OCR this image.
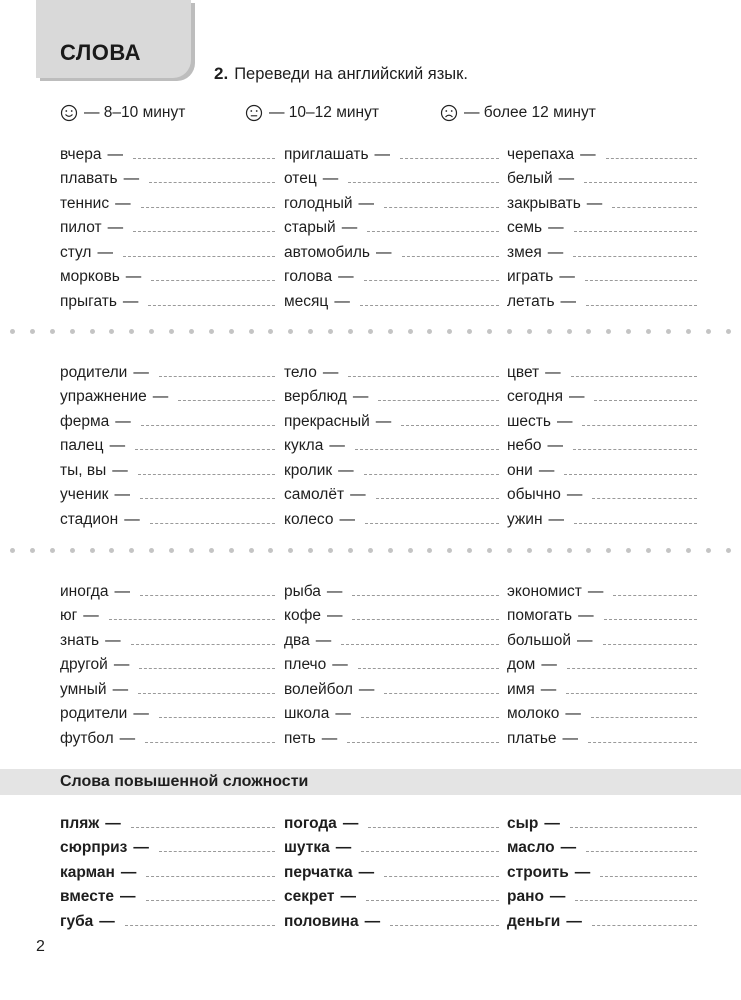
СЛОВА
2. Переведи на английский язык.
— 8–10 минут	— 10–12 минут	— более 12 минут
вчера —
плавать —
теннис —
пилот —
стул —
морковь —
прыгать —
приглашать —
отец —
голодный —
старый —
автомобиль —
голова —
месяц —
черепаха —
белый —
закрывать —
семь —
змея —
играть —
летать —
родители —
упражнение —
ферма —
палец —
ты, вы —
ученик —
стадион —
тело —
верблюд —
прекрасный —
кукла —
кролик —
самолёт —
колесо —
цвет —
сегодня —
шесть —
небо —
они —
обычно —
ужин —
иногда —
юг —
знать —
другой —
умный —
родители —
футбол —
рыба —
кофе —
два —
плечо —
волейбол —
школа —
петь —
экономист —
помогать —
большой —
дом —
имя —
молоко —
платье —
Слова повышенной сложности
пляж —
сюрприз —
карман —
вместе —
губа —
погода —
шутка —
перчатка —
секрет —
половина —
сыр —
масло —
строить —
рано —
деньги —
2
